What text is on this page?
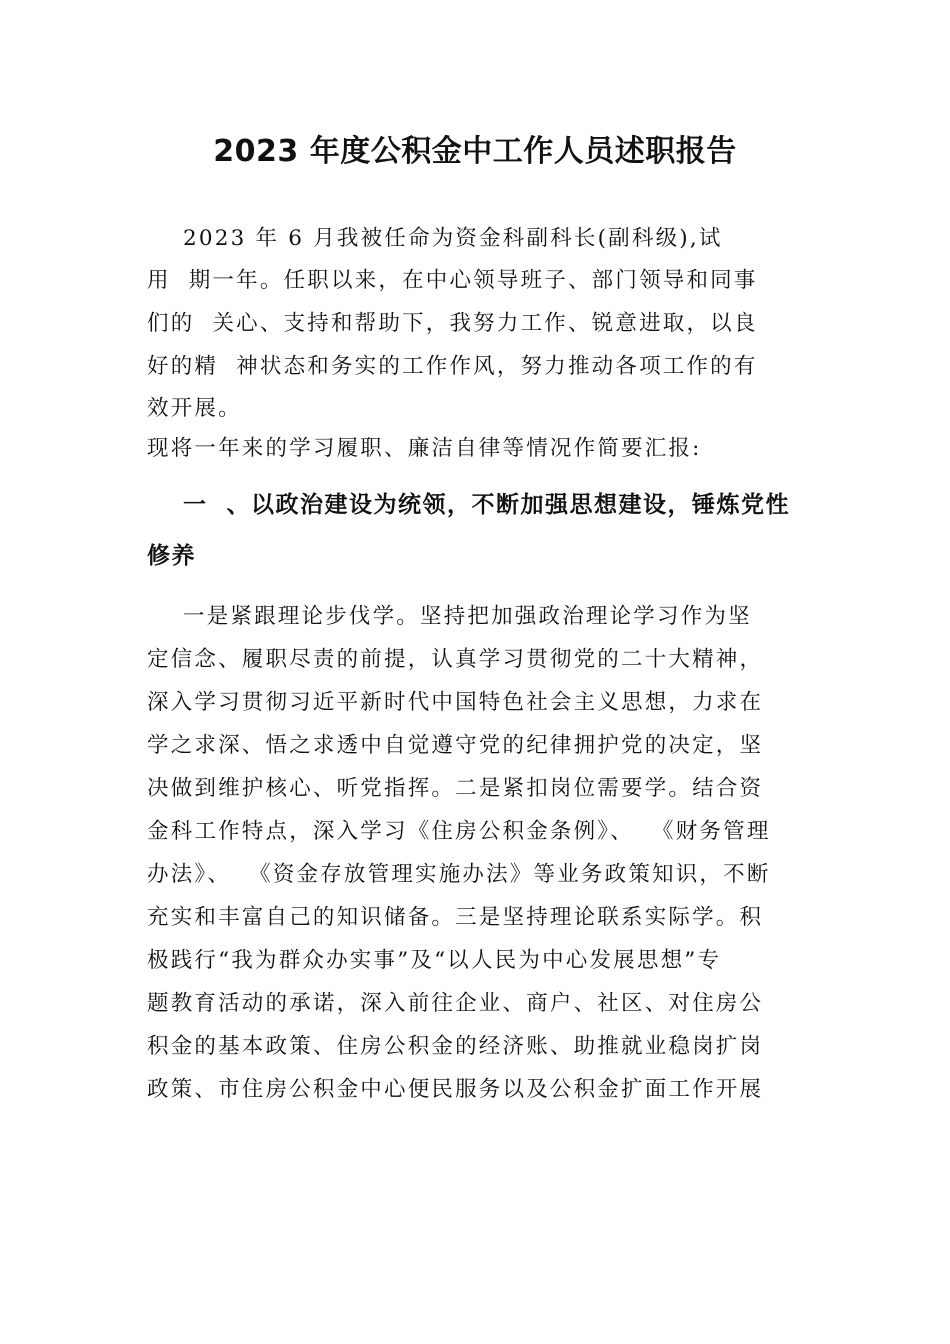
2023 年度公积金中工作人员述职报告
2023 年 6 月我被任命为资金科副科长(副科级),试
用  期一年。任职以来，在中心领导班子、部门领导和同事
们的  关心、支持和帮助下，我努力工作、锐意进取，以良
好的精  神状态和务实的工作作风，努力推动各项工作的有
效开展。
现将一年来的学习履职、廉洁自律等情况作简要汇报:
一  、以政治建设为统领，不断加强思想建设，锤炼党性
修养
一是紧跟理论步伐学。坚持把加强政治理论学习作为坚
定信念、履职尽责的前提，认真学习贯彻党的二十大精神，
深入学习贯彻习近平新时代中国特色社会主义思想，力求在
学之求深、悟之求透中自觉遵守党的纪律拥护党的决定，坚
决做到维护核心、听党指挥。二是紧扣岗位需要学。结合资
金科工作特点，深入学习《住房公积金条例》、  《财务管理
办法》、  《资金存放管理实施办法》等业务政策知识，不断
充实和丰富自己的知识储备。三是坚持理论联系实际学。积
极践行“我为群众办实事”及“以人民为中心发展思想”专
题教育活动的承诺，深入前往企业、商户、社区、对住房公
积金的基本政策、住房公积金的经济账、助推就业稳岗扩岗
政策、市住房公积金中心便民服务以及公积金扩面工作开展
